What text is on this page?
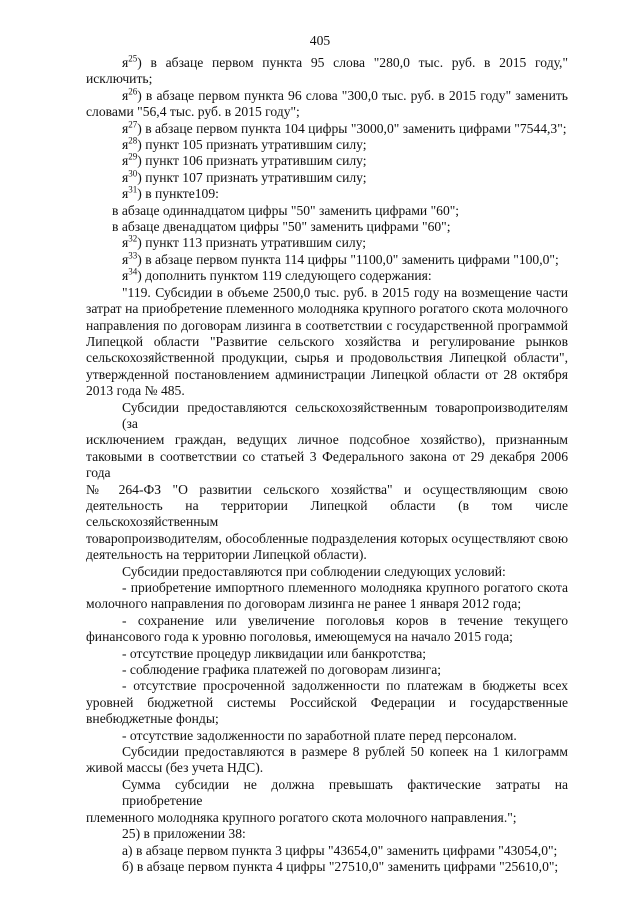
405
$я^{25}$) в абзаце первом пункта 95 слова "280,0 тыс. руб. в 2015 году,"
исключить;
$я^{26}$) в абзаце первом пункта 96 слова "300,0 тыс. руб. в 2015 году" заменить
словами "56,4 тыс. руб. в 2015 году";
$я^{27}$) в абзаце первом пункта 104 цифры "3000,0" заменить цифрами "7544,3";
$я^{28}$) пункт 105 признать утратившим силу;
$я^{29}$) пункт 106 признать утратившим силу;
$я^{30}$) пункт 107 признать утратившим силу;
$я^{31}$) в пункте109:
в абзаце одиннадцатом цифры "50" заменить цифрами "60";
в абзаце двенадцатом цифры "50" заменить цифрами "60";
$я^{32}$) пункт 113 признать утратившим силу;
$я^{33}$) в абзаце первом пункта 114 цифры "1100,0" заменить цифрами "100,0";
$я^{34}$) дополнить пунктом 119 следующего содержания:
"119. Субсидии в объеме 2500,0 тыс. руб. в 2015 году на возмещение части
затрат на приобретение племенного молодняка крупного рогатого скота молочного
направления по договорам лизинга в соответствии с государственной программой
Липецкой области "Развитие сельского хозяйства и регулирование рынков
сельскохозяйственной продукции, сырья и продовольствия Липецкой области",
утвержденной постановлением администрации Липецкой области от 28 октября
2013 года № 485.
Субсидии предоставляются сельскохозяйственным товаропроизводителям (за
исключением граждан, ведущих личное подсобное хозяйство), признанным
таковыми в соответствии со статьей 3 Федерального закона от 29 декабря 2006 года
№ 264-ФЗ "О развитии сельского хозяйства" и осуществляющим свою
деятельность на территории Липецкой области (в том числе сельскохозяйственным
товаропроизводителям, обособленные подразделения которых осуществляют свою
деятельность на территории Липецкой области).
Субсидии предоставляются при соблюдении следующих условий:
- приобретение импортного племенного молодняка крупного рогатого скота
молочного направления по договорам лизинга не ранее 1 января 2012 года;
- сохранение или увеличение поголовья коров в течение текущего
финансового года к уровню поголовья, имеющемуся на начало 2015 года;
- отсутствие процедур ликвидации или банкротства;
- соблюдение графика платежей по договорам лизинга;
- отсутствие просроченной задолженности по платежам в бюджеты всех
уровней бюджетной системы Российской Федерации и государственные
внебюджетные фонды;
- отсутствие задолженности по заработной плате перед персоналом.
Субсидии предоставляются в размере 8 рублей 50 копеек на 1 килограмм
живой массы (без учета НДС).
Сумма субсидии не должна превышать фактические затраты на приобретение
племенного молодняка крупного рогатого скота молочного направления.";
25) в приложении 38:
а) в абзаце первом пункта 3 цифры "43654,0" заменить цифрами "43054,0";
б) в абзаце первом пункта 4 цифры "27510,0" заменить цифрами "25610,0";
